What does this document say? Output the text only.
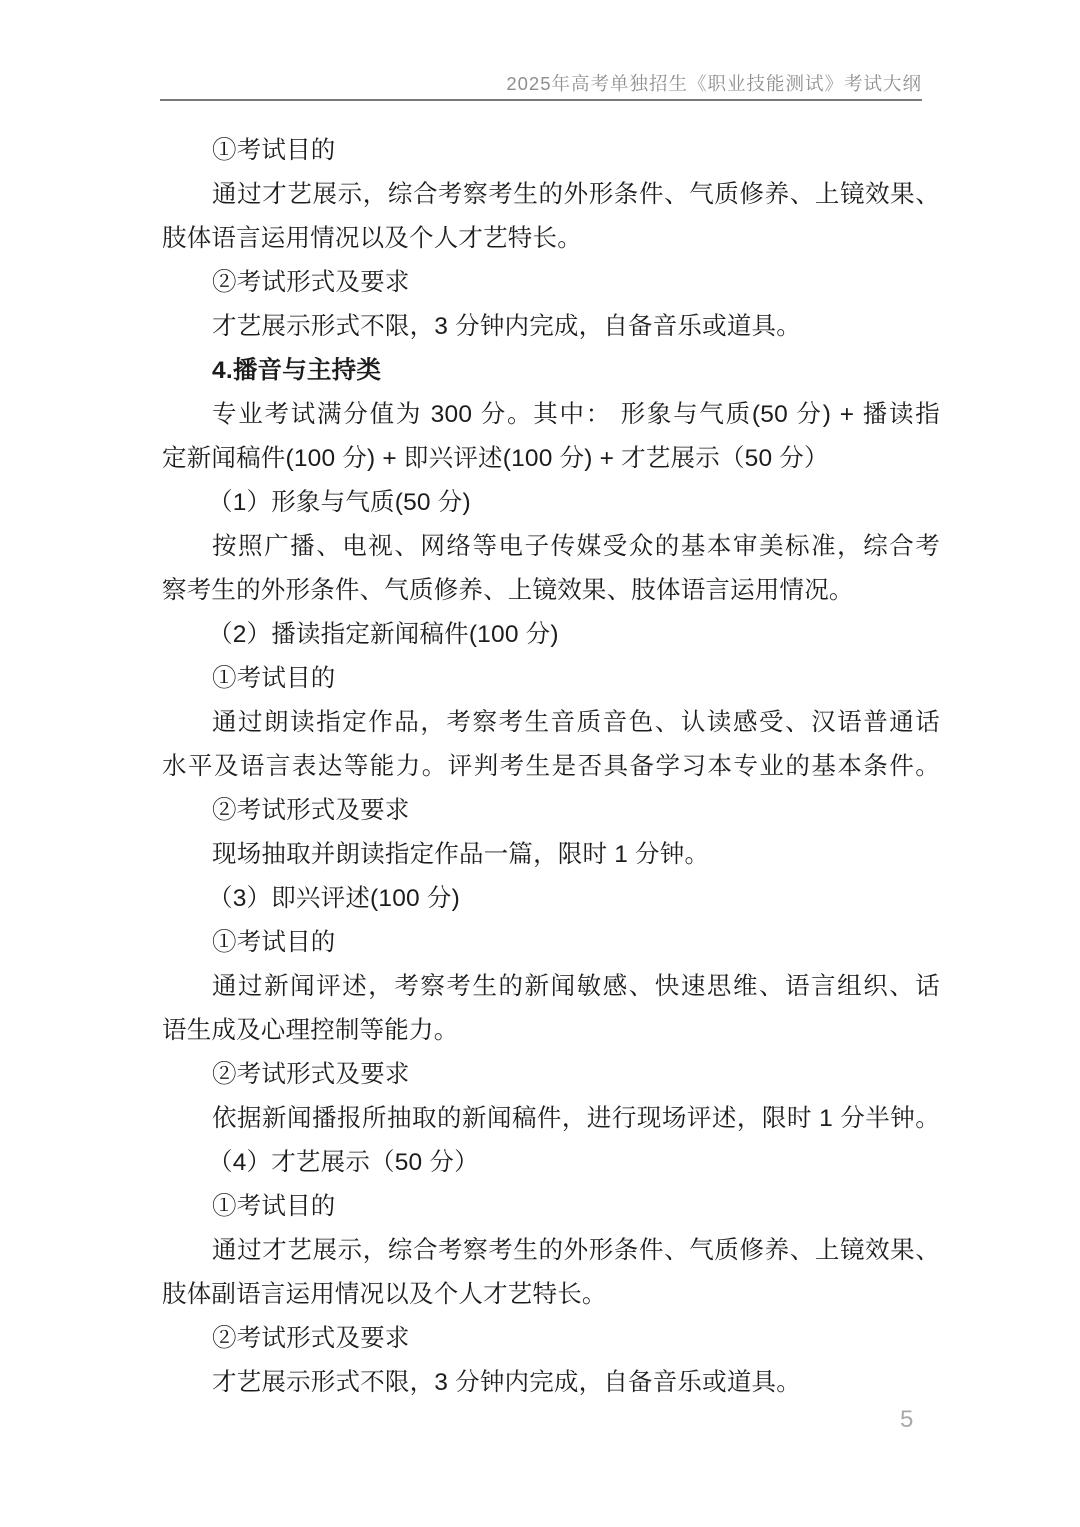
2025年高考单独招生《职业技能测试》考试大纲
①考试目的
通过才艺展示，综合考察考生的外形条件、气质修养、上镜效果、
肢体语言运用情况以及个人才艺特长。
②考试形式及要求
才艺展示形式不限，3 分钟内完成，自备音乐或道具。
4.播音与主持类
专业考试满分值为 300 分。其中： 形象与气质(50 分) + 播读指
定新闻稿件(100 分) + 即兴评述(100 分) + 才艺展示（50 分）
（1）形象与气质(50 分)
按照广播、电视、网络等电子传媒受众的基本审美标准，综合考
察考生的外形条件、气质修养、上镜效果、肢体语言运用情况。
（2）播读指定新闻稿件(100 分)
①考试目的
通过朗读指定作品，考察考生音质音色、认读感受、汉语普通话
水平及语言表达等能力。评判考生是否具备学习本专业的基本条件。
②考试形式及要求
现场抽取并朗读指定作品一篇，限时 1 分钟。
（3）即兴评述(100 分)
①考试目的
通过新闻评述，考察考生的新闻敏感、快速思维、语言组织、话
语生成及心理控制等能力。
②考试形式及要求
依据新闻播报所抽取的新闻稿件，进行现场评述，限时 1 分半钟。
（4）才艺展示（50 分）
①考试目的
通过才艺展示，综合考察考生的外形条件、气质修养、上镜效果、
肢体副语言运用情况以及个人才艺特长。
②考试形式及要求
才艺展示形式不限，3 分钟内完成，自备音乐或道具。
5
